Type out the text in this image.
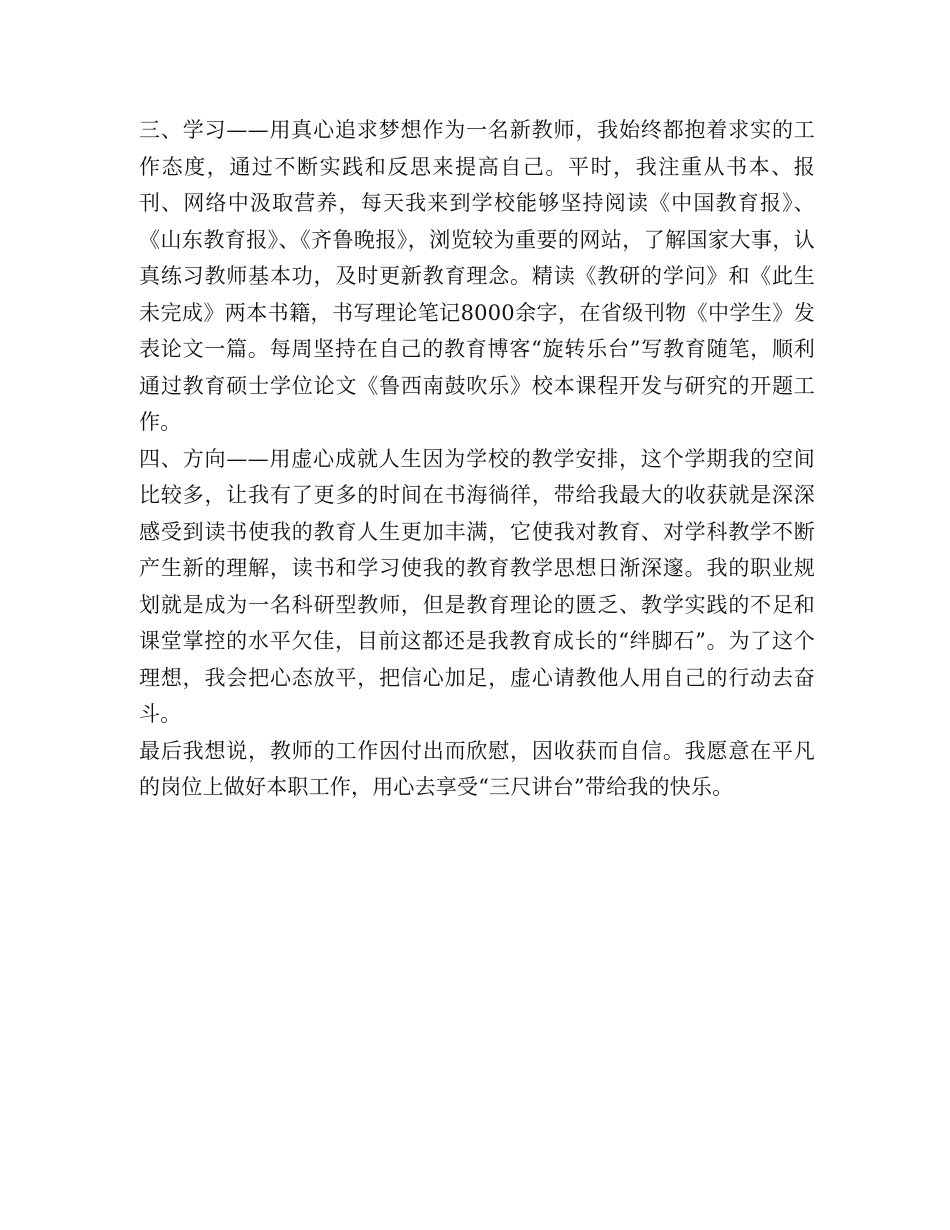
三、学习——用真心追求梦想作为一名新教师，我始终都抱着求实的工作态度，通过不断实践和反思来提高自己。平时，我注重从书本、报刊、网络中汲取营养，每天我来到学校能够坚持阅读《中国教育报》、《山东教育报》、《齐鲁晚报》，浏览较为重要的网站，了解国家大事，认真练习教师基本功，及时更新教育理念。精读《教研的学问》和《此生未完成》两本书籍，书写理论笔记8000余字，在省级刊物《中学生》发表论文一篇。每周坚持在自己的教育博客“旋转乐台”写教育随笔，顺利通过教育硕士学位论文《鲁西南鼓吹乐》校本课程开发与研究的开题工作。

四、方向——用虚心成就人生因为学校的教学安排，这个学期我的空间比较多，让我有了更多的时间在书海徜徉，带给我最大的收获就是深深感受到读书使我的教育人生更加丰满，它使我对教育、对学科教学不断产生新的理解，读书和学习使我的教育教学思想日渐深邃。我的职业规划就是成为一名科研型教师，但是教育理论的匮乏、教学实践的不足和课堂掌控的水平欠佳，目前这都还是我教育成长的“绊脚石”。为了这个理想，我会把心态放平，把信心加足，虚心请教他人用自己的行动去奋斗。

最后我想说，教师的工作因付出而欣慰，因收获而自信。我愿意在平凡的岗位上做好本职工作，用心去享受“三尺讲台”带给我的快乐。
